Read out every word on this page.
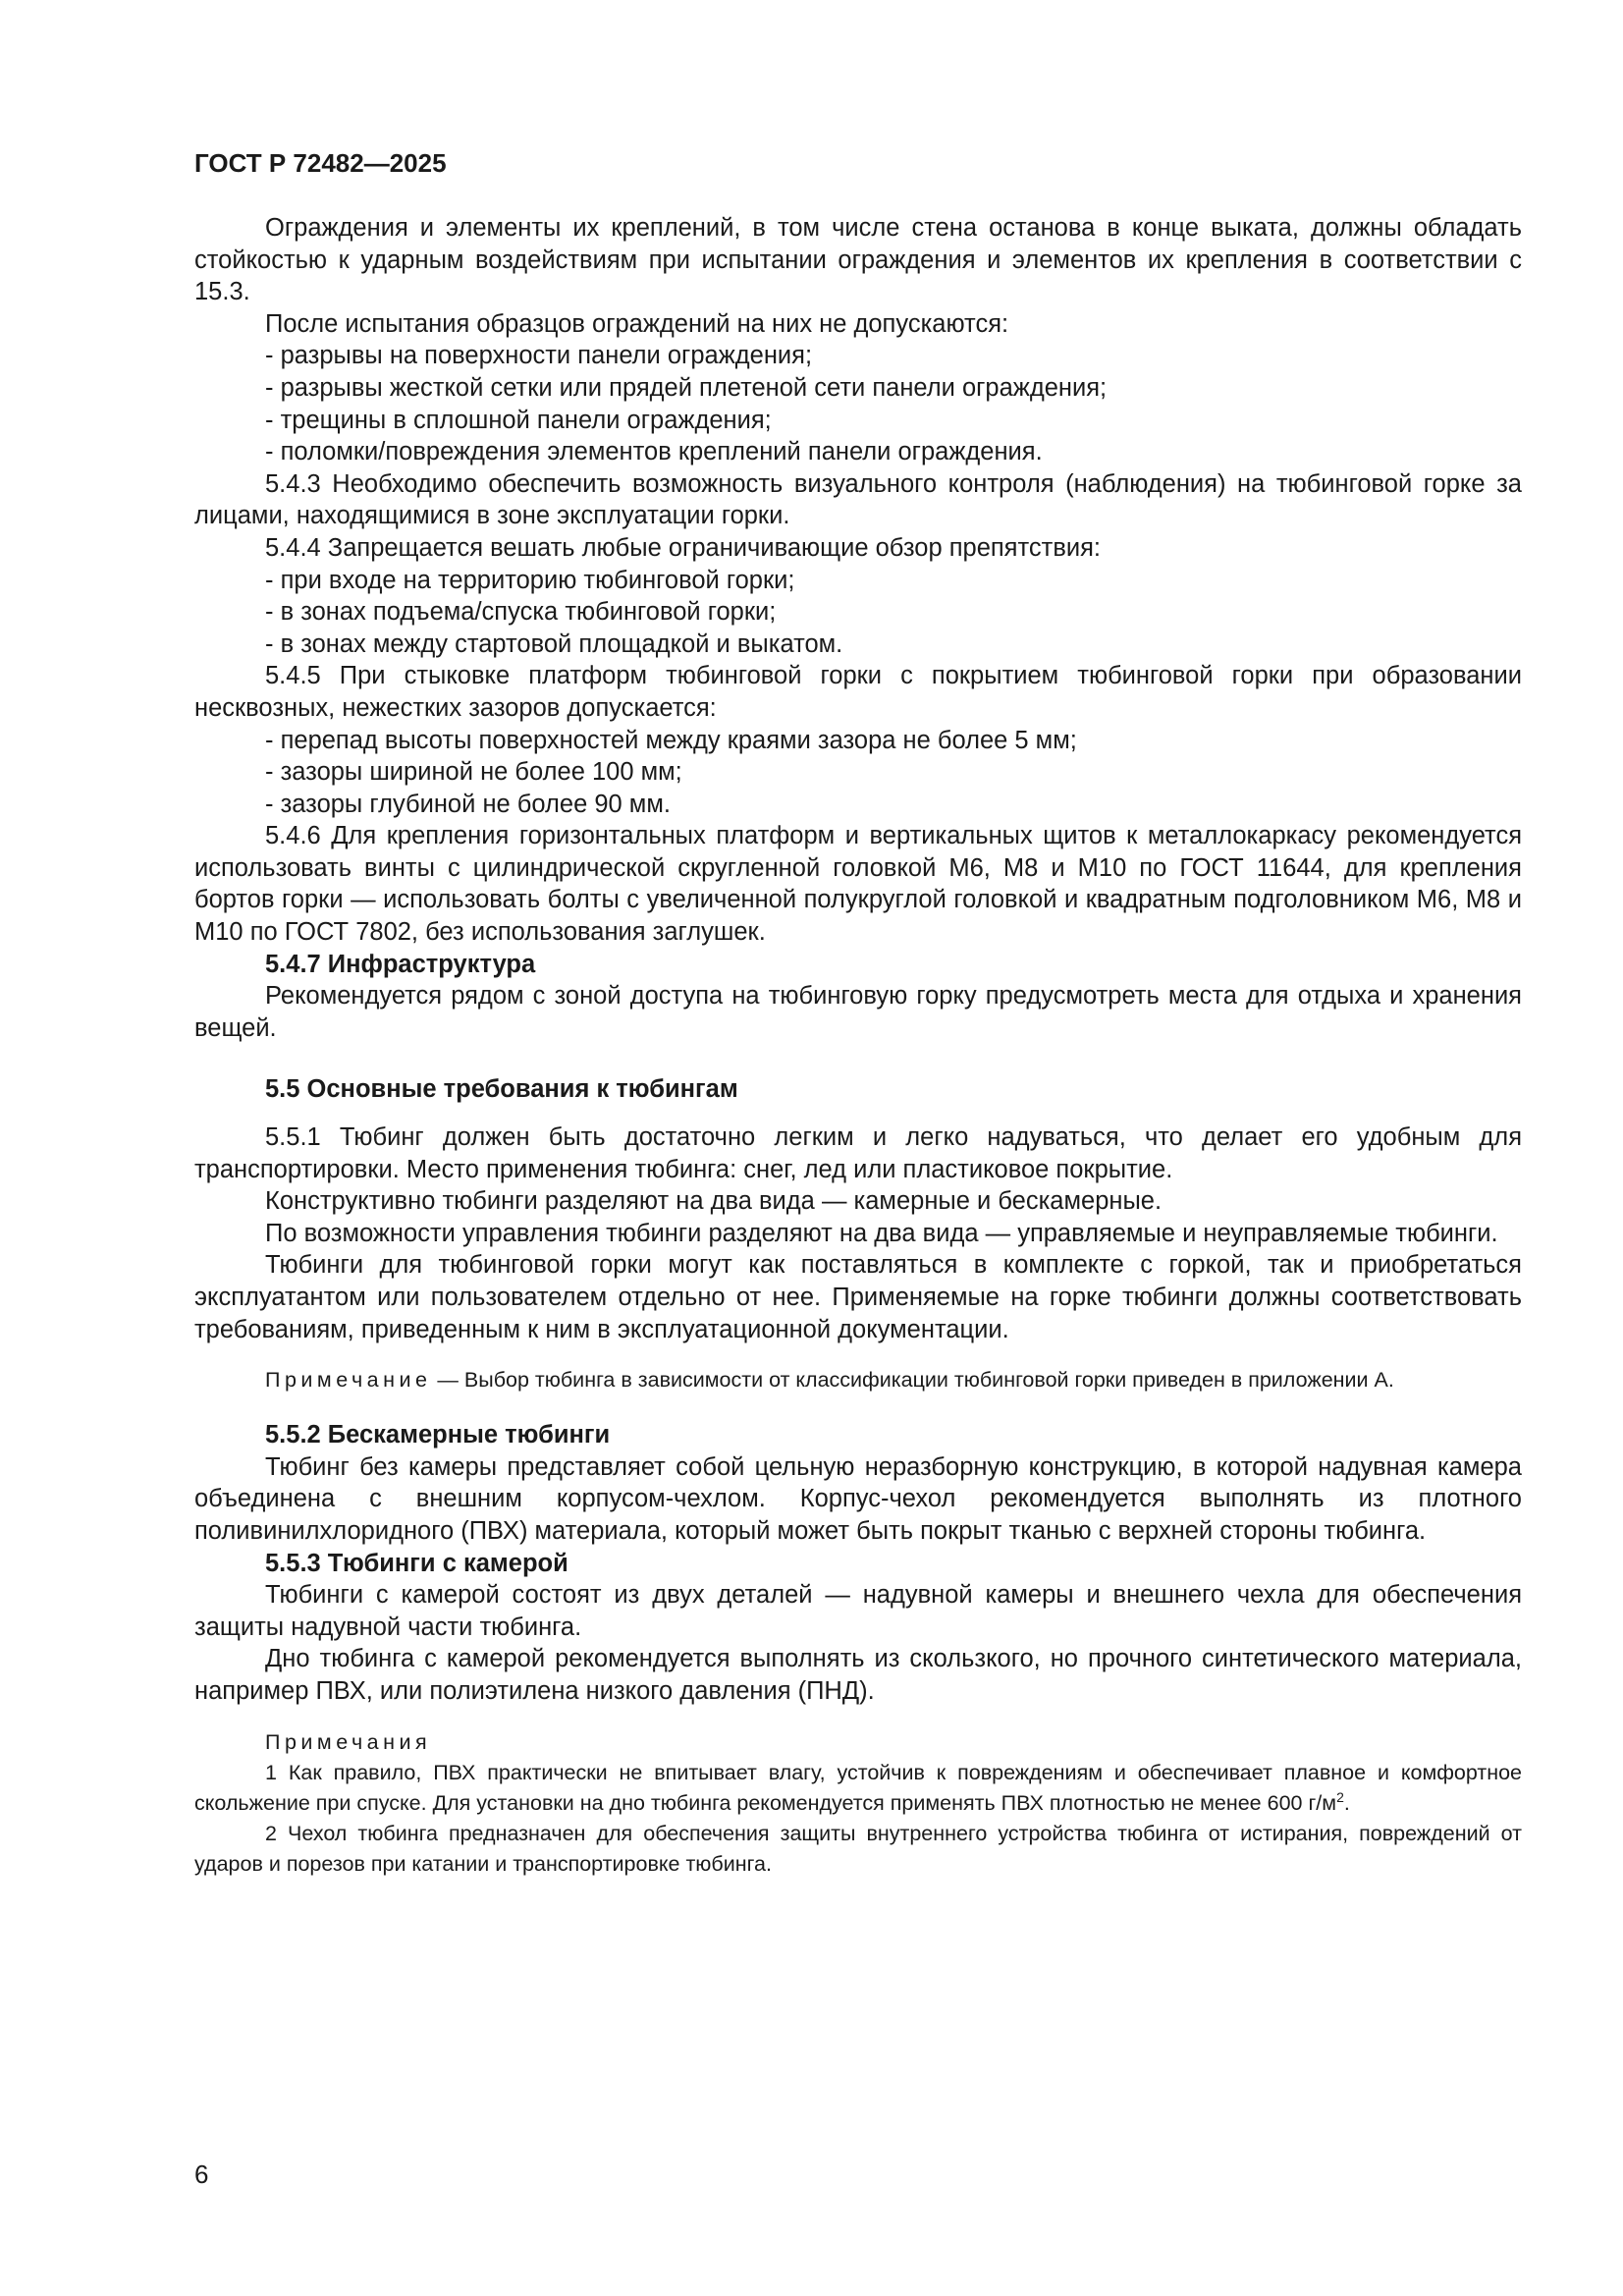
ГОСТ Р 72482—2025

Ограждения и элементы их креплений, в том числе стена останова в конце выката, должны обладать стойкостью к ударным воздействиям при испытании ограждения и элементов их крепления в соответствии с 15.3.

После испытания образцов ограждений на них не допускаются:

- разрывы на поверхности панели ограждения;

- разрывы жесткой сетки или прядей плетеной сети панели ограждения;

- трещины в сплошной панели ограждения;

- поломки/повреждения элементов креплений панели ограждения.

5.4.3 Необходимо обеспечить возможность визуального контроля (наблюдения) на тюбинговой горке за лицами, находящимися в зоне эксплуатации горки.

5.4.4 Запрещается вешать любые ограничивающие обзор препятствия:

- при входе на территорию тюбинговой горки;

- в зонах подъема/спуска тюбинговой горки;

- в зонах между стартовой площадкой и выкатом.

5.4.5 При стыковке платформ тюбинговой горки с покрытием тюбинговой горки при образовании несквозных, нежестких зазоров допускается:

- перепад высоты поверхностей между краями зазора не более 5 мм;

- зазоры шириной не более 100 мм;

- зазоры глубиной не более 90 мм.

5.4.6 Для крепления горизонтальных платформ и вертикальных щитов к металлокаркасу рекомендуется использовать винты с цилиндрической скругленной головкой М6, М8 и М10 по ГОСТ 11644, для крепления бортов горки — использовать болты с увеличенной полукруглой головкой и квадратным подголовником М6, М8 и М10 по ГОСТ 7802, без использования заглушек.

5.4.7 Инфраструктура

Рекомендуется рядом с зоной доступа на тюбинговую горку предусмотреть места для отдыха и хранения вещей.

5.5 Основные требования к тюбингам

5.5.1 Тюбинг должен быть достаточно легким и легко надуваться, что делает его удобным для транспортировки. Место применения тюбинга: снег, лед или пластиковое покрытие.

Конструктивно тюбинги разделяют на два вида — камерные и бескамерные.

По возможности управления тюбинги разделяют на два вида — управляемые и неуправляемые тюбинги.

Тюбинги для тюбинговой горки могут как поставляться в комплекте с горкой, так и приобретаться эксплуатантом или пользователем отдельно от нее. Применяемые на горке тюбинги должны соответствовать требованиям, приведенным к ним в эксплуатационной документации.

Примечание — Выбор тюбинга в зависимости от классификации тюбинговой горки приведен в приложении А.

5.5.2 Бескамерные тюбинги

Тюбинг без камеры представляет собой цельную неразборную конструкцию, в которой надувная камера объединена с внешним корпусом-чехлом. Корпус-чехол рекомендуется выполнять из плотного поливинилхлоридного (ПВХ) материала, который может быть покрыт тканью с верхней стороны тюбинга.

5.5.3 Тюбинги с камерой

Тюбинги с камерой состоят из двух деталей — надувной камеры и внешнего чехла для обеспечения защиты надувной части тюбинга.

Дно тюбинга с камерой рекомендуется выполнять из скользкого, но прочного синтетического материала, например ПВХ, или полиэтилена низкого давления (ПНД).

Примечания

1 Как правило, ПВХ практически не впитывает влагу, устойчив к повреждениям и обеспечивает плавное и комфортное скольжение при спуске. Для установки на дно тюбинга рекомендуется применять ПВХ плотностью не менее 600 $г/м^2$.

2 Чехол тюбинга предназначен для обеспечения защиты внутреннего устройства тюбинга от истирания, повреждений от ударов и порезов при катании и транспортировке тюбинга.

6
